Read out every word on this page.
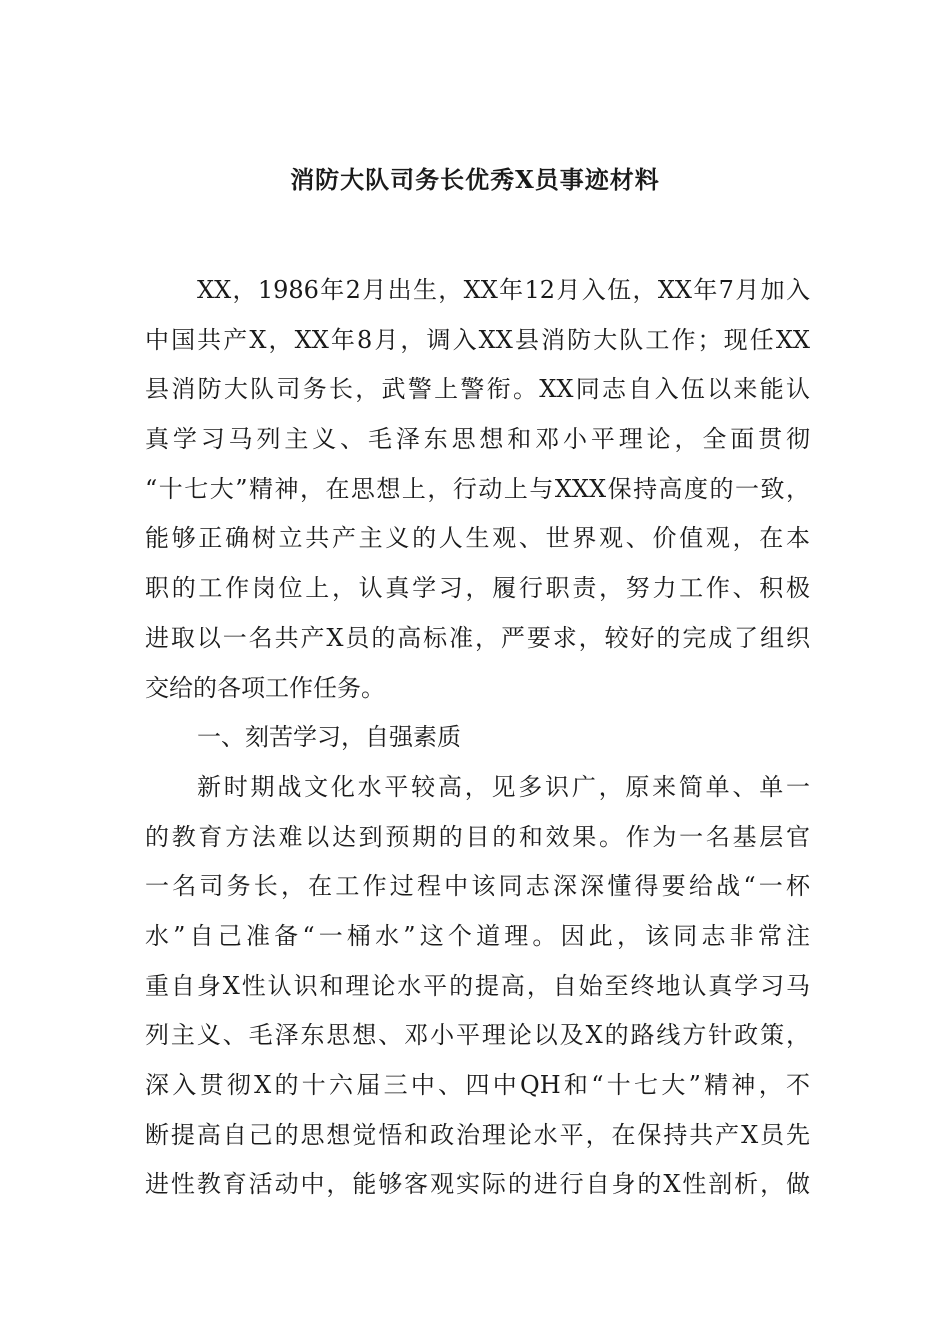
消防大队司务长优秀X员事迹材料
XX，1986年2月出生，XX年12月入伍，XX年7月加入
中国共产X，XX年8月，调入XX县消防大队工作；现任XX
县消防大队司务长，武警上警衔。XX同志自入伍以来能认
真学习马列主义、毛泽东思想和邓小平理论，全面贯彻
“十七大”精神，在思想上，行动上与XXX保持高度的一致，
能够正确树立共产主义的人生观、世界观、价值观，在本
职的工作岗位上，认真学习，履行职责，努力工作、积极
进取以一名共产X员的高标准，严要求，较好的完成了组织
交给的各项工作任务。
一、刻苦学习，自强素质
新时期战文化水平较高，见多识广，原来简单、单一
的教育方法难以达到预期的目的和效果。作为一名基层官
一名司务长，在工作过程中该同志深深懂得要给战“一杯
水”自己准备“一桶水”这个道理。因此，该同志非常注
重自身X性认识和理论水平的提高，自始至终地认真学习马
列主义、毛泽东思想、邓小平理论以及X的路线方针政策，
深入贯彻X的十六届三中、四中QH和“十七大”精神，不
断提高自己的思想觉悟和政治理论水平，在保持共产X员先
进性教育活动中，能够客观实际的进行自身的X性剖析，做
